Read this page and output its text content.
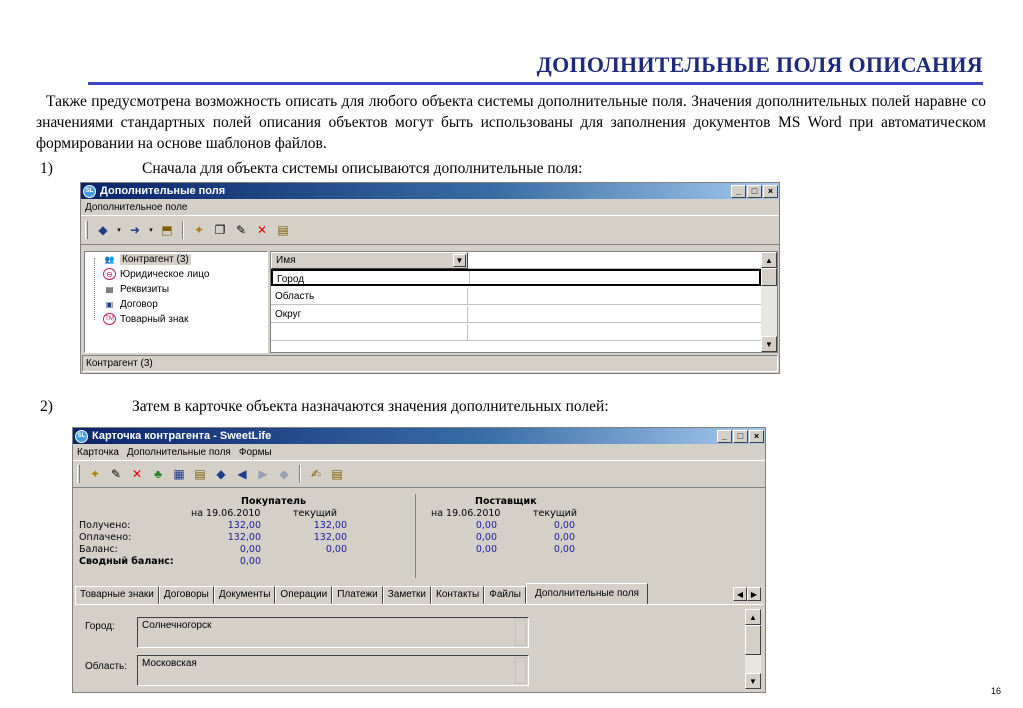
ДОПОЛНИТЕЛЬНЫЕ ПОЛЯ ОПИСАНИЯ
Также предусмотрена возможность описать для любого объекта системы дополнительные поля. Значения дополнительных полей наравне со значениями стандартных полей описания объектов могут быть использованы для заполнения документов MS Word при автоматическом формировании на основе шаблонов файлов.
1)	Сначала для объекта системы описываются дополнительные поля:
SL Дополнительные поля	_	□	×
Дополнительное поле
◆	▾ ➜	▾ ⬒	✦ ❐ ✎ ✕ ▤
👥 Контрагент (3)
⊖ Юридическое лицо
▤ Реквизиты
▣ Договор
TM Товарный знак
Имя	▼
Город
Область
Округ
▲
▼
Контрагент (3)
2)	Затем в карточке объекта назначаются значения дополнительных полей:
SL Карточка контрагента - SweetLife	_	□	×
Карточка Дополнительные поля Формы
✦ ✎ ✕	♣ ▦ ▤ ◆ ◀ ▶ ◆	✍ ▤
Покупатель	Поставщик
на 19.06.2010	текущий	на 19.06.2010	текущий
Получено:	132,00	132,00	0,00	0,00
Оплачено:	132,00	132,00	0,00	0,00
Баланс:	0,00	0,00	0,00	0,00
Сводный баланс:	0,00
Товарные знаки	Договоры	Документы	Операции	Платежи	Заметки	Контакты	Файлы	Дополнительные поля	◀ ▶
Город:	Солнечногорск
Область:	Московская
▲
▼
16
